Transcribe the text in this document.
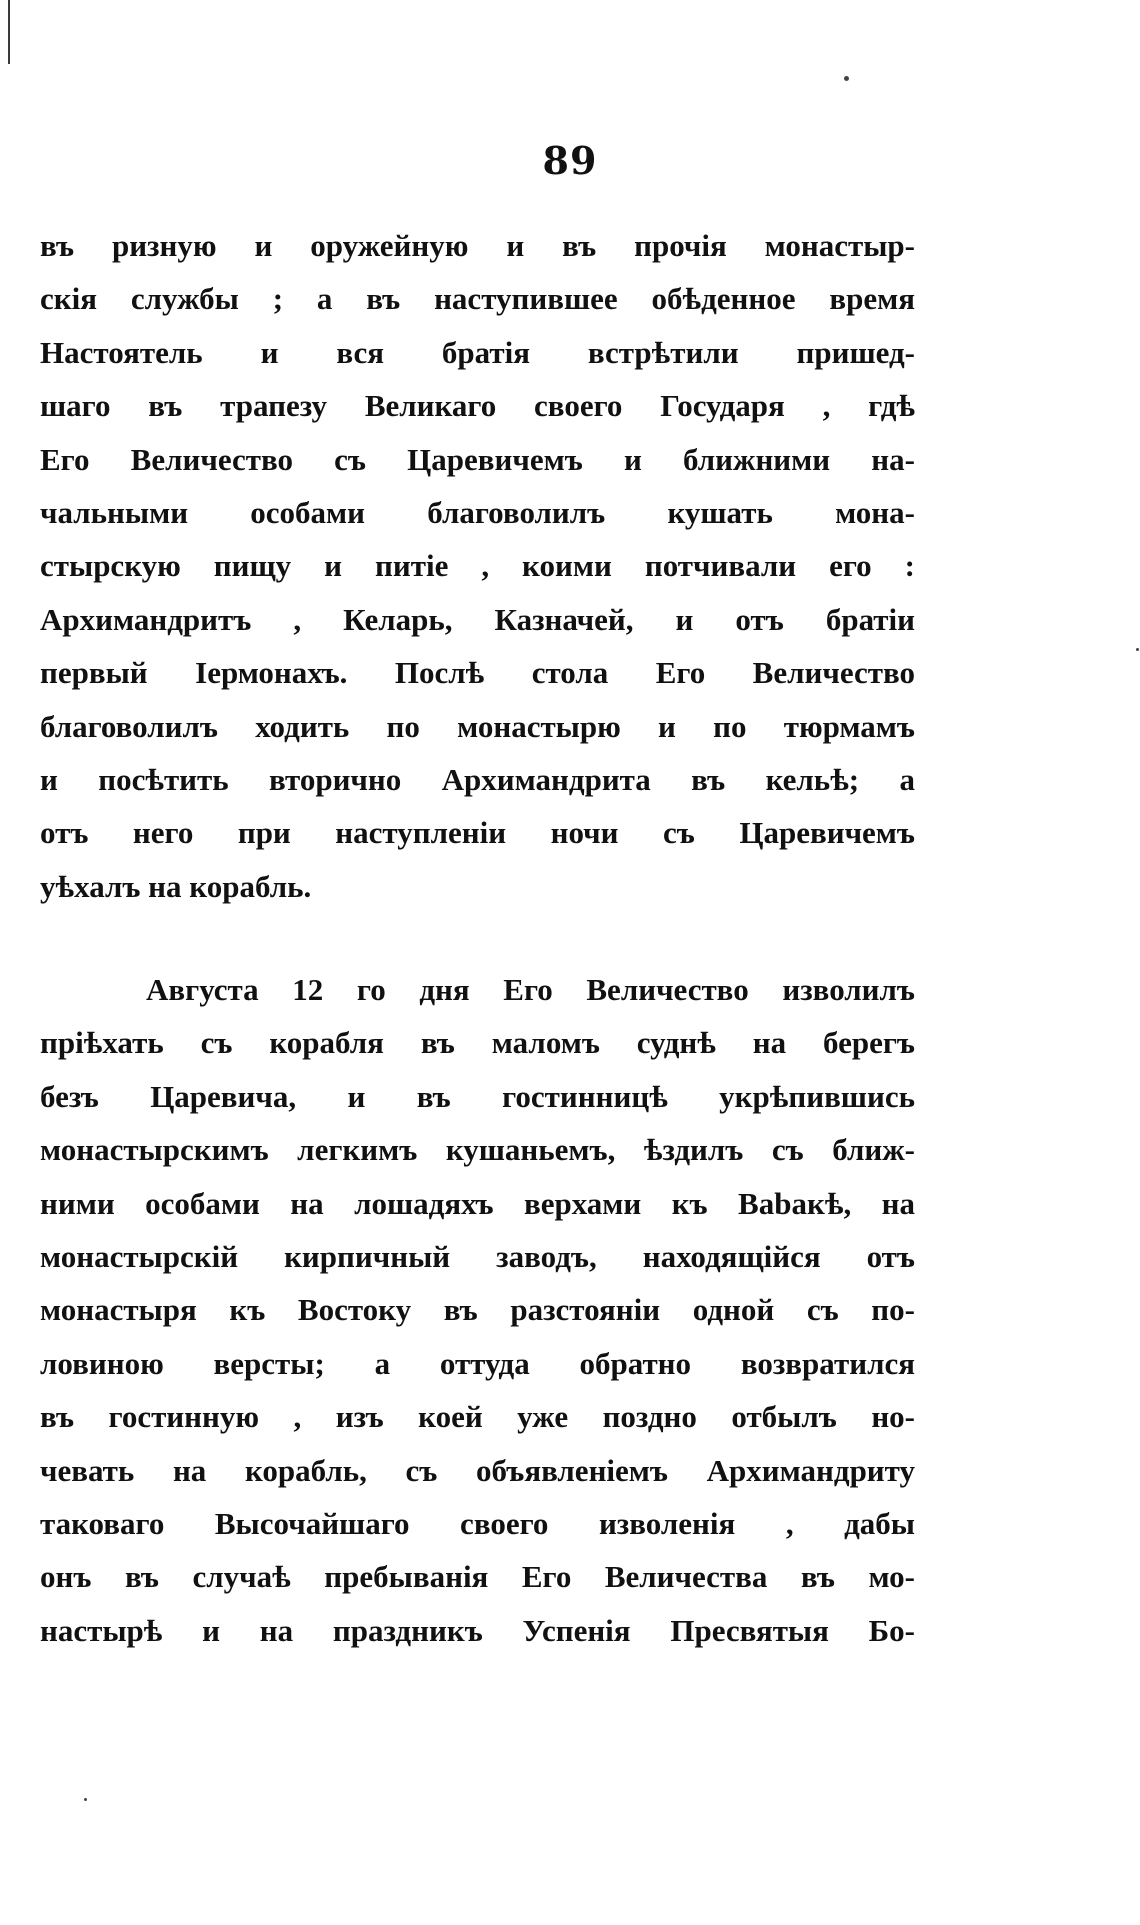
89
въ ризную и оружейную и въ прочія монастыр-
скія службы ; а въ наступившее обѣденное время
Настоятель и вся братія встрѣтили пришед-
шаго въ трапезу Великаго своего Государя , гдѣ
Его Величество съ Царевичемъ и ближними на-
чальными особами благоволилъ кушать мона-
стырскую пищу и питіе , коими потчивали его :
Архимандритъ , Келарь, Казначей, и отъ братіи
первый Іермонахъ. Послѣ стола Его Величество
благоволилъ ходить по монастырю и по тюрмамъ
и посѣтить вторично Архимандрита въ кельѣ; а
отъ него при наступленіи ночи съ Царевичемъ
уѣхалъ на корабль.
Августа 12 го дня Его Величество изволилъ
пріѣхать съ корабля въ маломъ суднѣ на берегъ
безъ Царевича, и въ гостинницѣ укрѣпившись
монастырскимъ легкимъ кушаньемъ, ѣздилъ съ ближ-
ними особами на лошадяхъ верхами къ Babaкѣ, на
монастырскій кирпичный заводъ, находящійся отъ
монастыря къ Востоку въ разстояніи одной съ по-
ловиною версты; а оттуда обратно возвратился
въ гостинную , изъ коей уже поздно отбылъ но-
чевать на корабль, съ объявленіемъ Архимандриту
таковаго Высочайшаго своего изволенія , дабы
онъ въ случаѣ пребыванія Его Величества въ мо-
настырѣ и на праздникъ Успенія Пресвятыя Бо-
